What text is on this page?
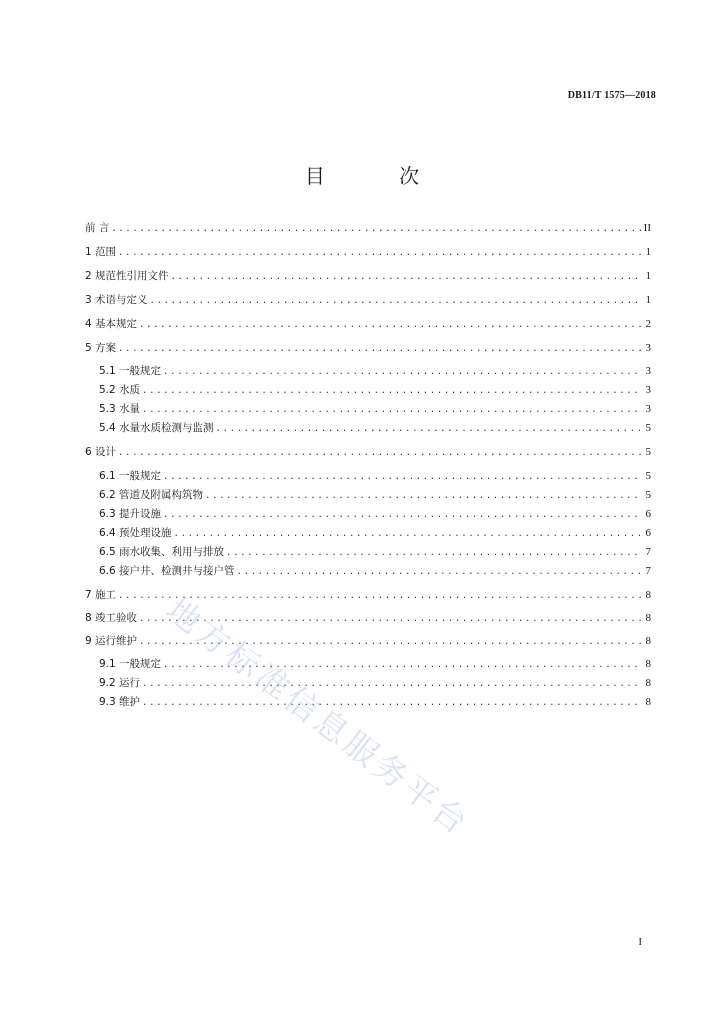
DB11/T 1575—2018
目 次
前 言 .....	II
1 范围 .....	1
2 规范性引用文件 .....	1
3 术语与定义 .....	1
4 基本规定 .....	2
5 方案 .....	3
5.1 一般规定 .....	3
5.2 水质 .....	3
5.3 水量 .....	3
5.4 水量水质检测与监测 .....	5
6 设计 .....	5
6.1 一般规定 .....	5
6.2 管道及附属构筑物 .....	5
6.3 提升设施 .....	6
6.4 预处理设施 .....	6
6.5 雨水收集、利用与排放 .....	7
6.6 接户井、检测井与接户管 .....	7
7 施工 .....	8
8 竣工验收 .....	8
9 运行维护 .....	8
9.1 一般规定 .....	8
9.2 运行 .....	8
9.3 维护 .....	8
地方标准信息服务平台
I
